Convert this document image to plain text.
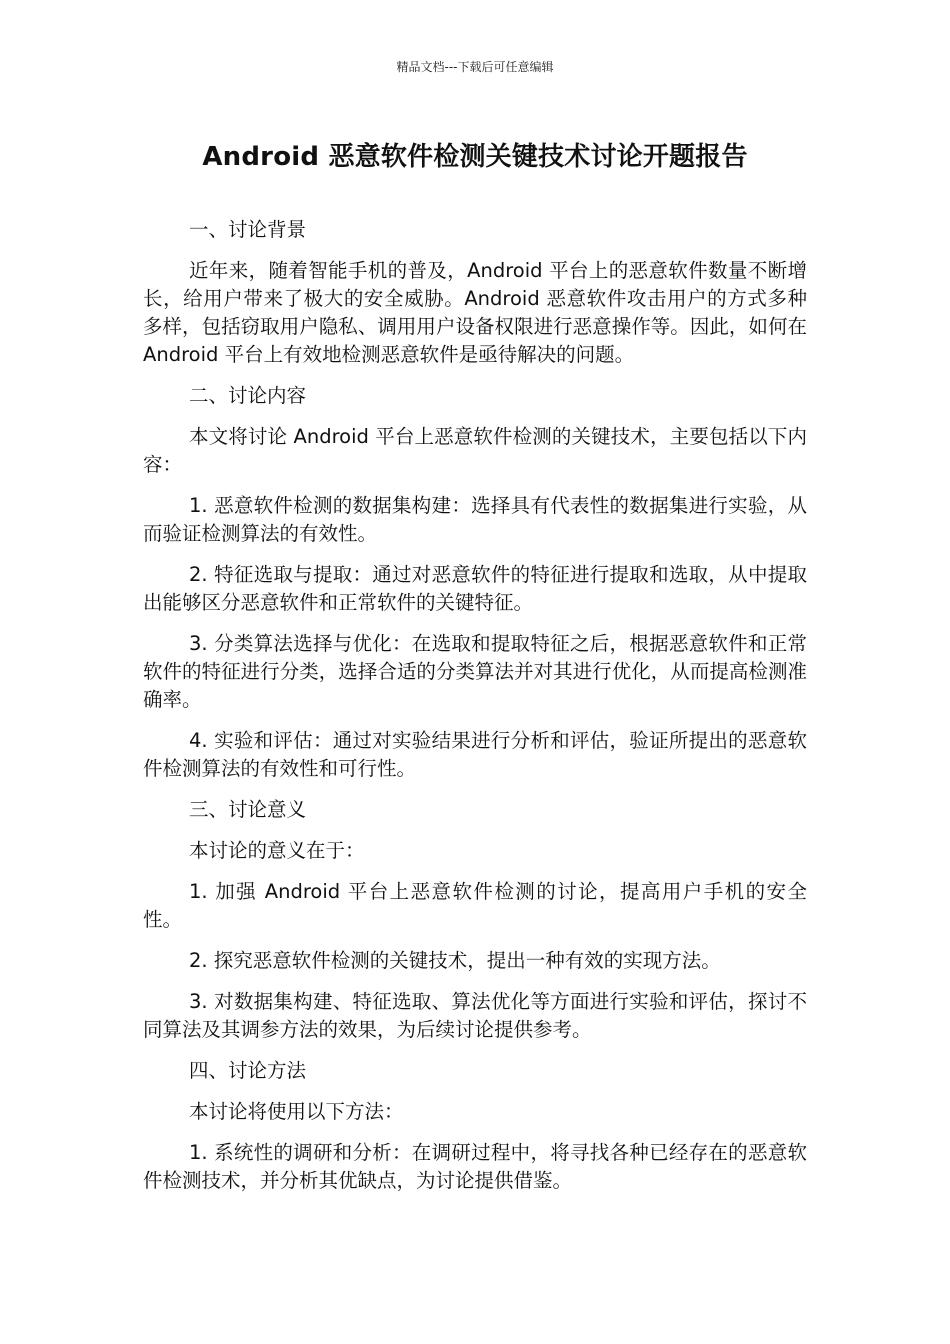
精品文档---下载后可任意编辑
Android 恶意软件检测关键技术讨论开题报告

一、讨论背景

近年来，随着智能手机的普及，Android 平台上的恶意软件数量不断增长，给用户带来了极大的安全威胁。Android 恶意软件攻击用户的方式多种多样，包括窃取用户隐私、调用用户设备权限进行恶意操作等。因此，如何在 Android 平台上有效地检测恶意软件是亟待解决的问题。

二、讨论内容

本文将讨论 Android 平台上恶意软件检测的关键技术，主要包括以下内容：

1. 恶意软件检测的数据集构建：选择具有代表性的数据集进行实验，从而验证检测算法的有效性。

2. 特征选取与提取：通过对恶意软件的特征进行提取和选取，从中提取出能够区分恶意软件和正常软件的关键特征。

3. 分类算法选择与优化：在选取和提取特征之后，根据恶意软件和正常软件的特征进行分类，选择合适的分类算法并对其进行优化，从而提高检测准确率。

4. 实验和评估：通过对实验结果进行分析和评估，验证所提出的恶意软件检测算法的有效性和可行性。

三、讨论意义

本讨论的意义在于：

1. 加强 Android 平台上恶意软件检测的讨论，提高用户手机的安全性。

2. 探究恶意软件检测的关键技术，提出一种有效的实现方法。

3. 对数据集构建、特征选取、算法优化等方面进行实验和评估，探讨不同算法及其调参方法的效果，为后续讨论提供参考。

四、讨论方法

本讨论将使用以下方法：

1. 系统性的调研和分析：在调研过程中，将寻找各种已经存在的恶意软件检测技术，并分析其优缺点，为讨论提供借鉴。
